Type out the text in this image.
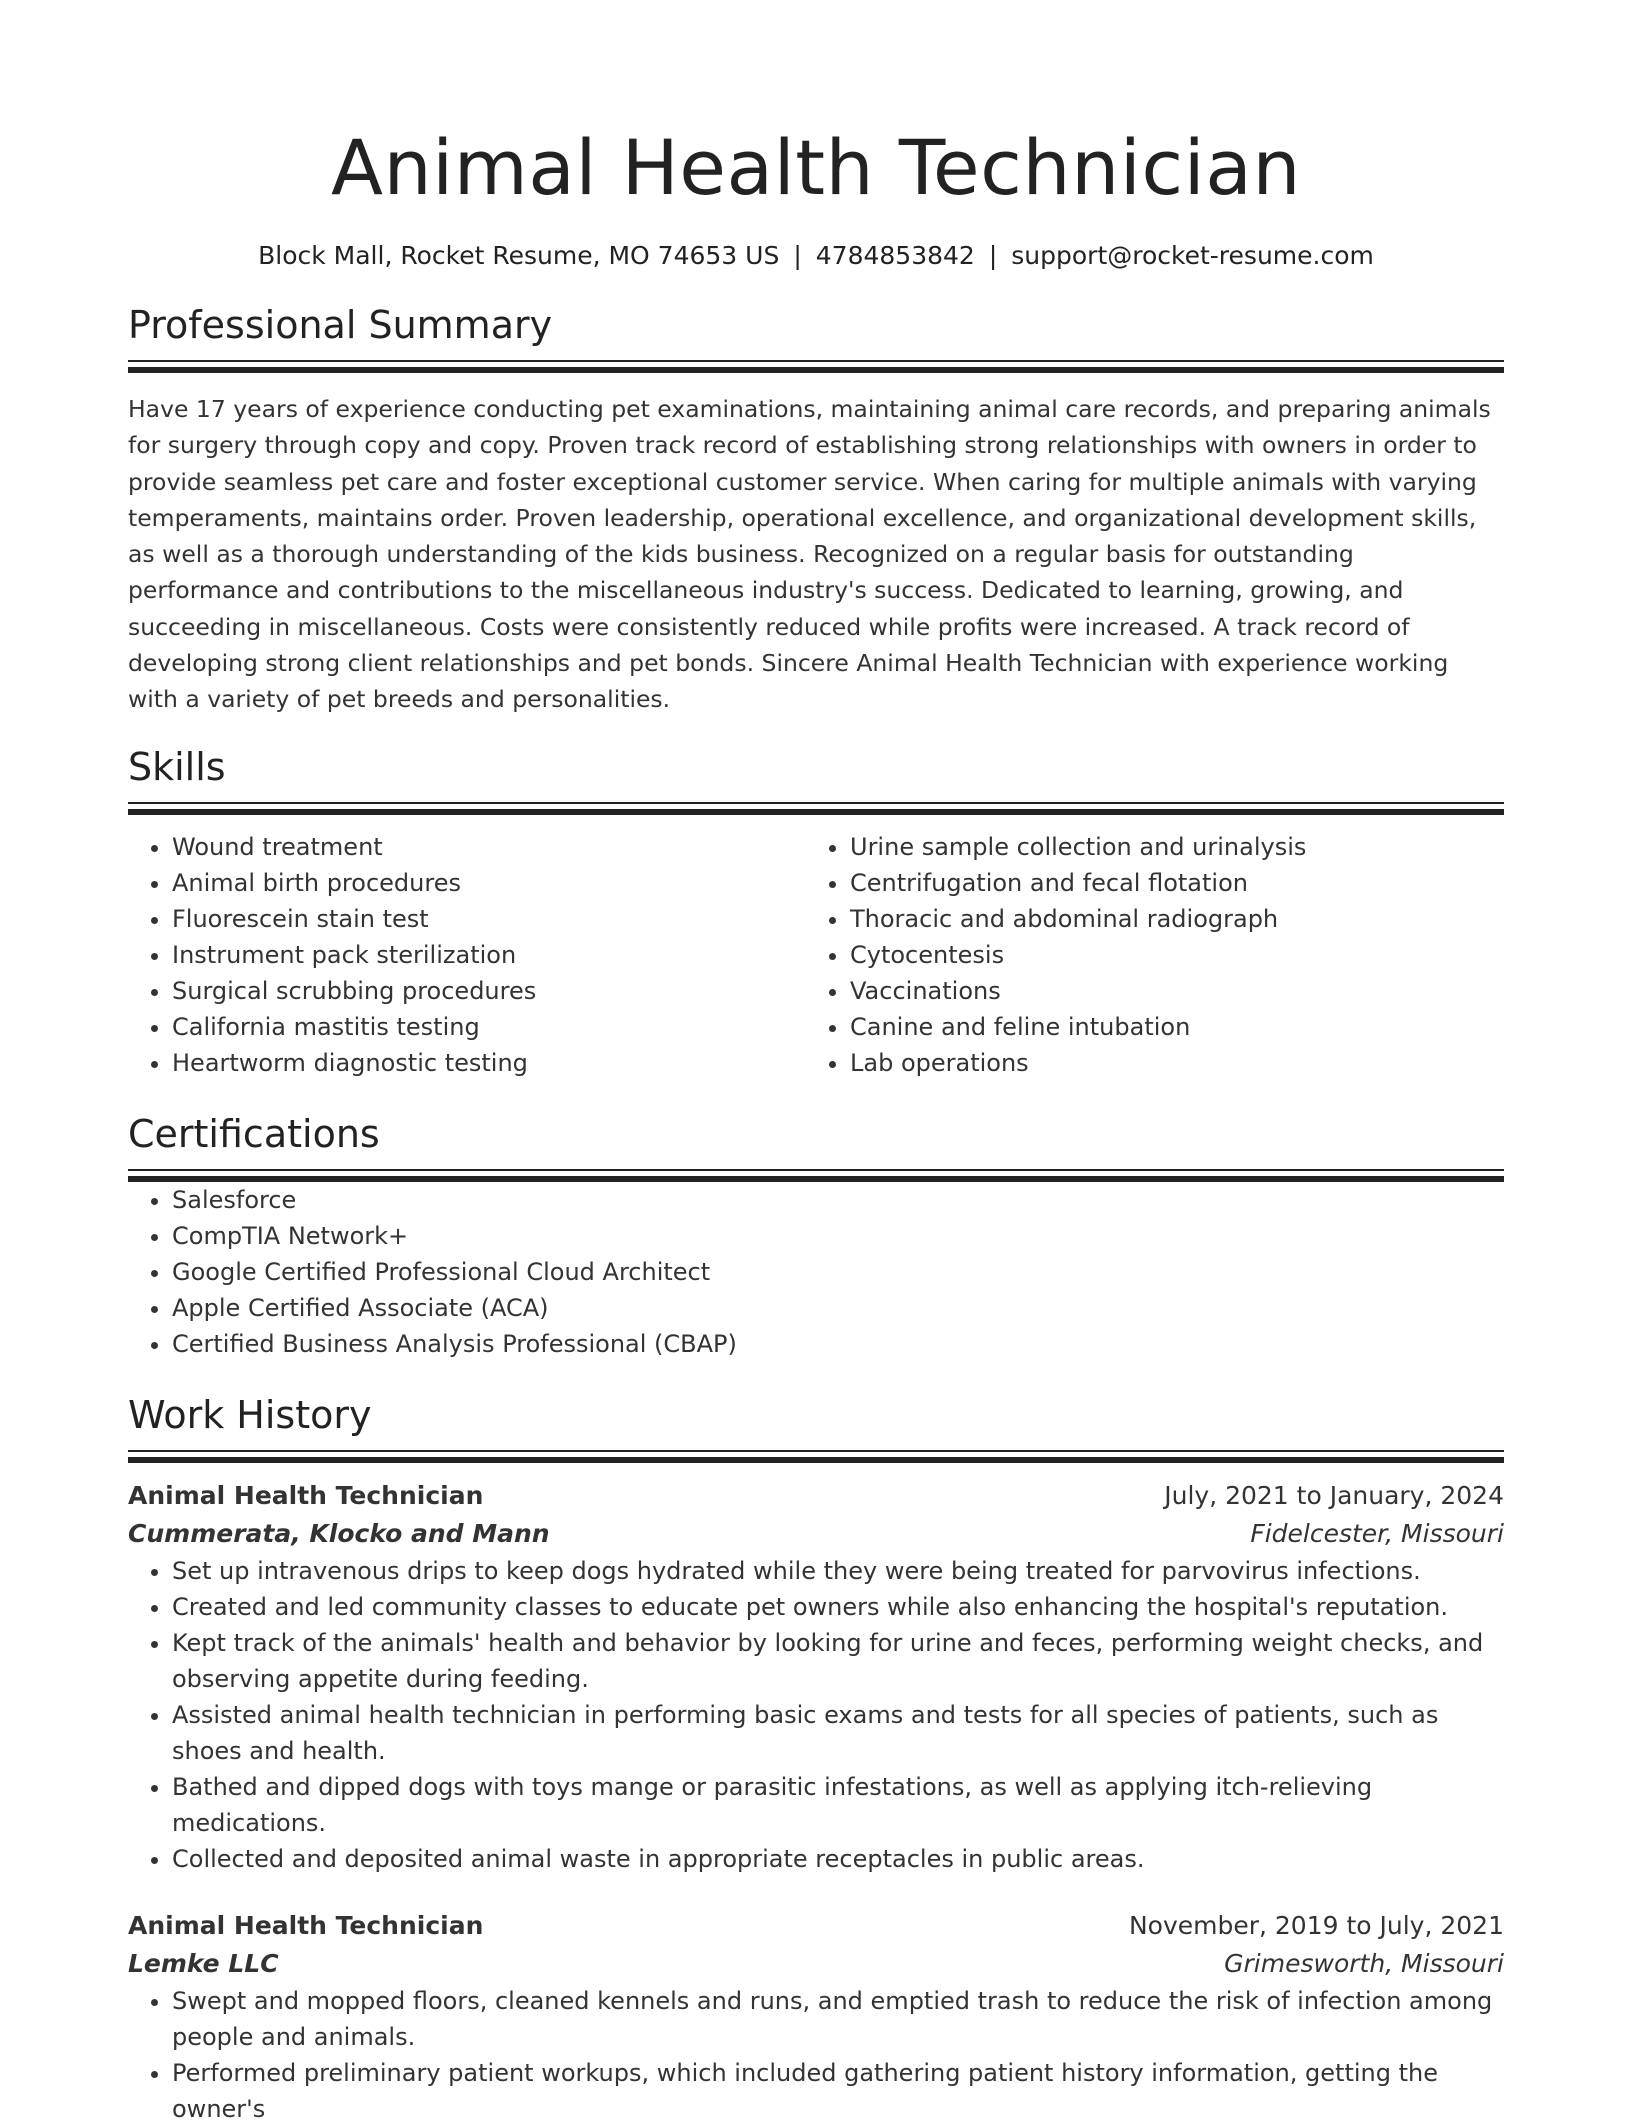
Animal Health Technician
Block Mall, Rocket Resume, MO 74653 US | 4784853842 | support@rocket-resume.com
Professional Summary

Have 17 years of experience conducting pet examinations, maintaining animal care records, and preparing animals for surgery through copy and copy. Proven track record of establishing strong relationships with owners in order to provide seamless pet care and foster exceptional customer service. When caring for multiple animals with varying temperaments, maintains order. Proven leadership, operational excellence, and organizational development skills, as well as a thorough understanding of the kids business. Recognized on a regular basis for outstanding performance and contributions to the miscellaneous industry's success. Dedicated to learning, growing, and succeeding in miscellaneous. Costs were consistently reduced while profits were increased. A track record of developing strong client relationships and pet bonds. Sincere Animal Health Technician with experience working with a variety of pet breeds and personalities.

Skills
• Wound treatment
• Animal birth procedures
• Fluorescein stain test
• Instrument pack sterilization
• Surgical scrubbing procedures
• California mastitis testing
• Heartworm diagnostic testing
• Urine sample collection and urinalysis
• Centrifugation and fecal flotation
• Thoracic and abdominal radiograph
• Cytocentesis
• Vaccinations
• Canine and feline intubation
• Lab operations
Certifications
• Salesforce
• CompTIA Network+
• Google Certified Professional Cloud Architect
• Apple Certified Associate (ACA)
• Certified Business Analysis Professional (CBAP)
Work History
Animal Health Technician	July, 2021 to January, 2024
Cummerata, Klocko and Mann	Fidelcester, Missouri
• Set up intravenous drips to keep dogs hydrated while they were being treated for parvovirus infections.
• Created and led community classes to educate pet owners while also enhancing the hospital's reputation.
• Kept track of the animals' health and behavior by looking for urine and feces, performing weight checks, and observing appetite during feeding.
• Assisted animal health technician in performing basic exams and tests for all species of patients, such as shoes and health.
• Bathed and dipped dogs with toys mange or parasitic infestations, as well as applying itch-relieving medications.
• Collected and deposited animal waste in appropriate receptacles in public areas.
Animal Health Technician	November, 2019 to July, 2021
Lemke LLC	Grimesworth, Missouri
• Swept and mopped floors, cleaned kennels and runs, and emptied trash to reduce the risk of infection among people and animals.
• Performed preliminary patient workups, which included gathering patient history information, getting the owner's
